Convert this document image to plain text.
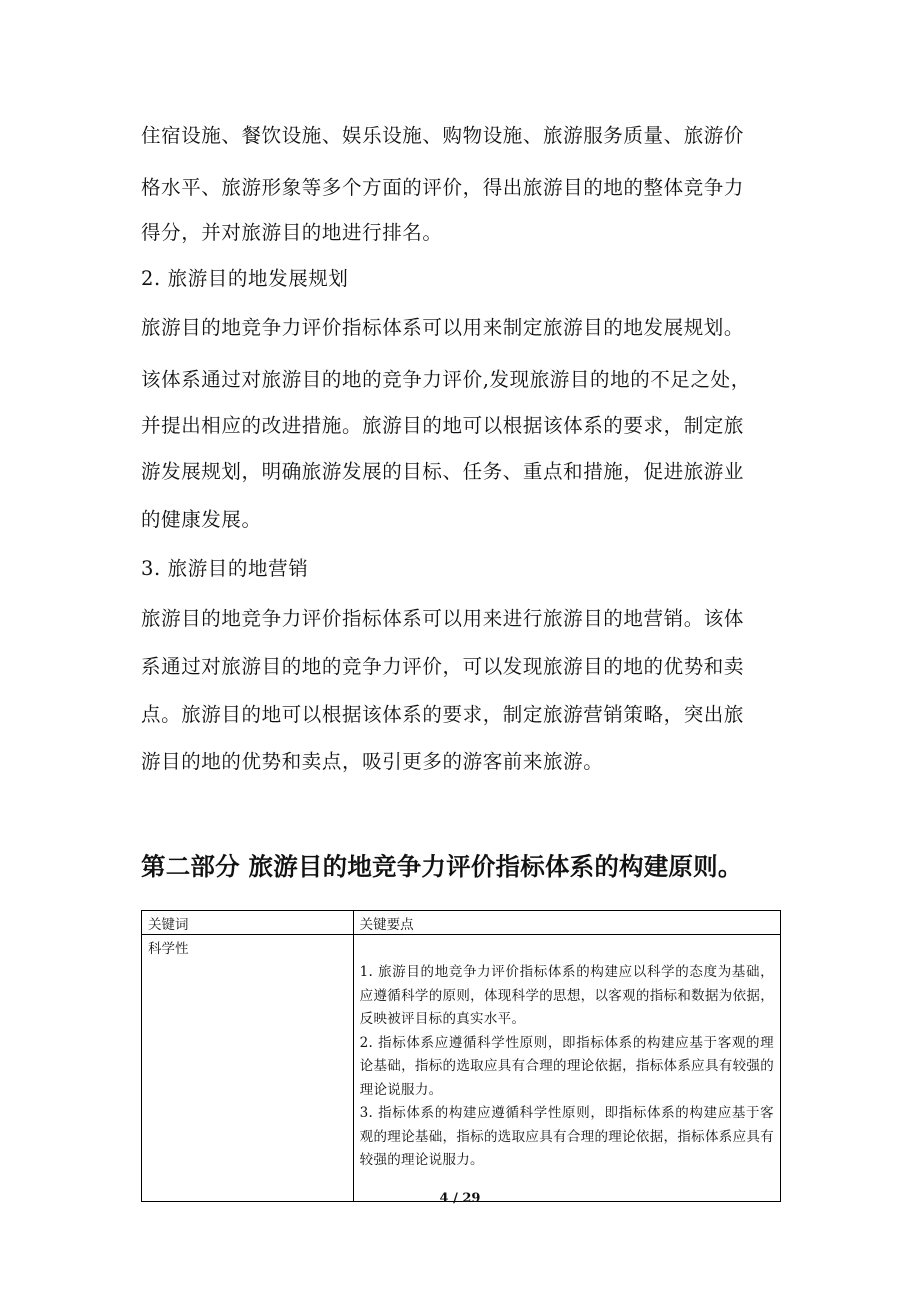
住宿设施、餐饮设施、娱乐设施、购物设施、旅游服务质量、旅游价
格水平、旅游形象等多个方面的评价，得出旅游目的地的整体竞争力
得分，并对旅游目的地进行排名。
2. 旅游目的地发展规划
旅游目的地竞争力评价指标体系可以用来制定旅游目的地发展规划。
该体系通过对旅游目的地的竞争力评价,发现旅游目的地的不足之处，
并提出相应的改进措施。旅游目的地可以根据该体系的要求，制定旅
游发展规划，明确旅游发展的目标、任务、重点和措施，促进旅游业
的健康发展。
3. 旅游目的地营销
旅游目的地竞争力评价指标体系可以用来进行旅游目的地营销。该体
系通过对旅游目的地的竞争力评价，可以发现旅游目的地的优势和卖
点。旅游目的地可以根据该体系的要求，制定旅游营销策略，突出旅
游目的地的优势和卖点，吸引更多的游客前来旅游。
第二部分 旅游目的地竞争力评价指标体系的构建原则。
关键词	关键要点

科学性	1. 旅游目的地竞争力评价指标体系的构建应以科学的态度为基础，应遵循科学的原则，体现科学的思想，以客观的指标和数据为依据，反映被评目标的真实水平。
2. 指标体系应遵循科学性原则，即指标体系的构建应基于客观的理论基础，指标的选取应具有合理的理论依据，指标体系应具有较强的理论说服力。
3. 指标体系的构建应遵循科学性原则，即指标体系的构建应基于客观的理论基础，指标的选取应具有合理的理论依据，指标体系应具有较强的理论说服力。
4 / 29
